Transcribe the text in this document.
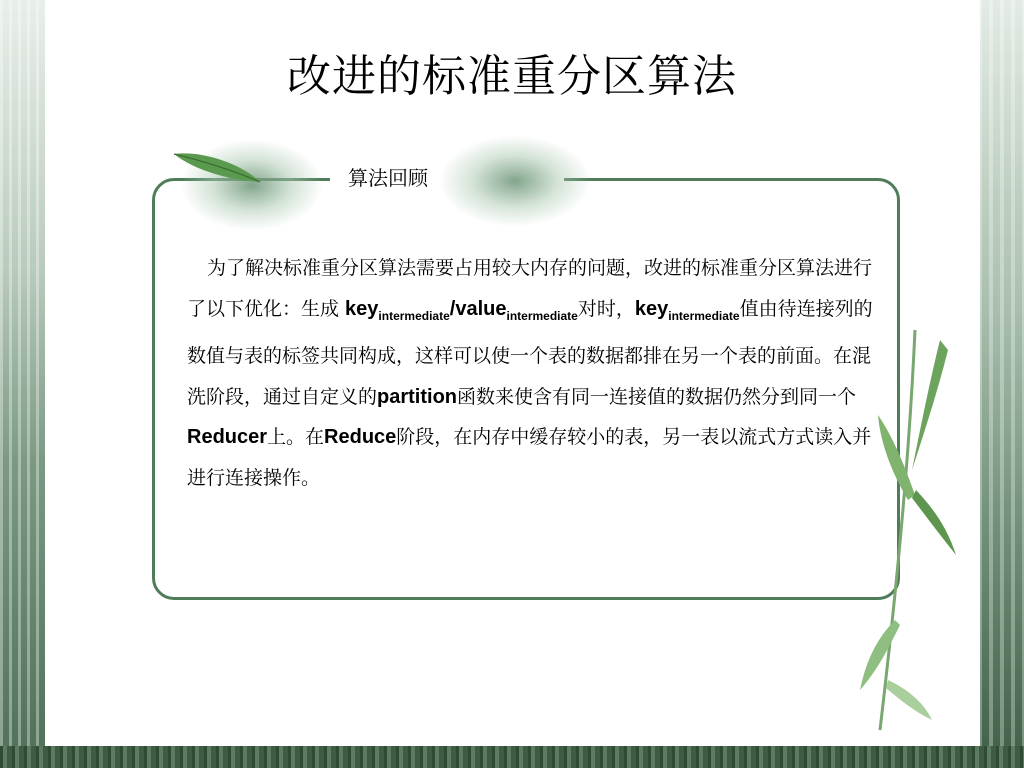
改进的标准重分区算法
算法回顾

为了解决标准重分区算法需要占用较大内存的问题，改进的标准重分区算法进行了以下优化：生成 key$_{intermediate}$/value$_{intermediate}$对时，key$_{intermediate}$值由待连接列的数值与表的标签共同构成，这样可以使一个表的数据都排在另一个表的前面。在混洗阶段，通过自定义的partition函数来使含有同一连接值的数据仍然分到同一个Reducer上。在Reduce阶段，在内存中缓存较小的表，另一表以流式方式读入并进行连接操作。
